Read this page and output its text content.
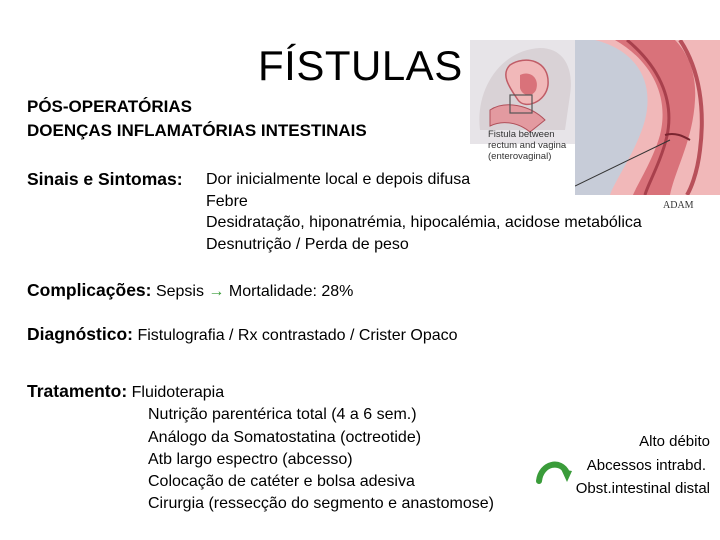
FÍSTULAS
PÓS-OPERATÓRIAS
DOENÇAS INFLAMATÓRIAS INTESTINAIS	Fistula between rectum and vagina (enterovaginal)
ADAM
Sinais e Sintomas: Dor inicialmente local e depois difusa
Febre
Desidratação, hiponatrémia, hipocalémia, acidose metabólica
Desnutrição / Perda de peso
Complicações: Sepsis → Mortalidade: 28%
Diagnóstico: Fistulografia / Rx contrastado / Crister Opaco
Tratamento: Fluidoterapia
Nutrição parentérica total (4 a 6 sem.)
Análogo da Somatostatina (octreotide)
Atb largo espectro (abcesso)
Colocação de catéter e bolsa adesiva
Cirurgia (ressecção do segmento e anastomose)
Alto débito
Abcessos intrabd.
Obst.intestinal distal
